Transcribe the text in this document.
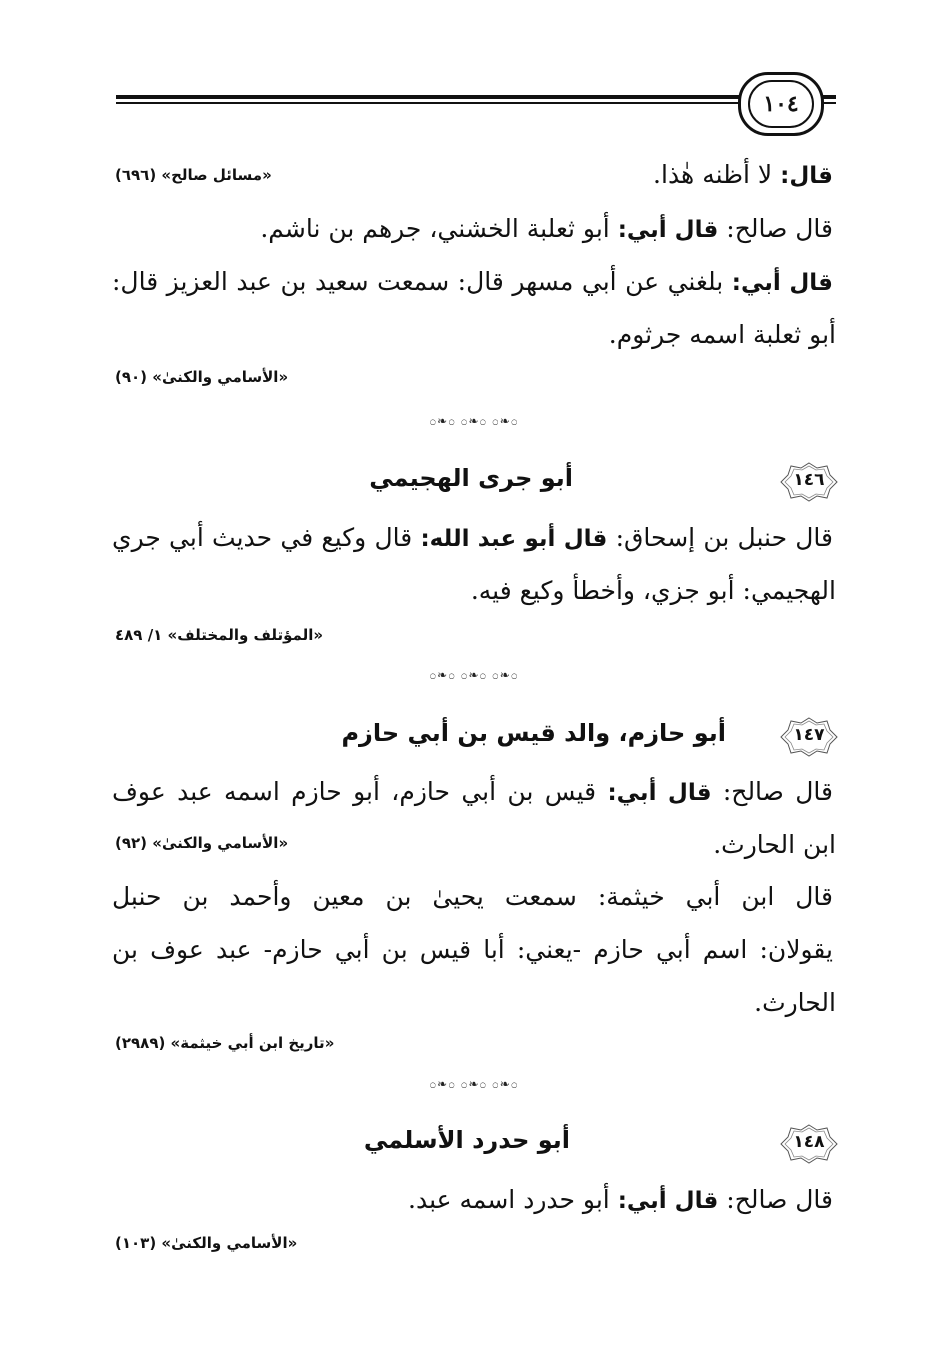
١٠٤
قال: لا أظنه هٰذا.
«مسائل صالح» (٦٩٦)
قال صالح: قال أبي: أبو ثعلبة الخشني، جرهم بن ناشم.
قال أبي: بلغني عن أبي مسهر قال: سمعت سعيد بن عبد العزيز قال:
أبو ثعلبة اسمه جرثوم.
«الأسامي والكنىٰ» (٩٠)
೦❧೦ ೦❧೦ ೦❧೦
١٤٦
أبو جرى الهجيمي
قال حنبل بن إسحاق: قال أبو عبد الله: قال وكيع في حديث أبي جري
الهجيمي: أبو جزي، وأخطأ وكيع فيه.
«المؤتلف والمختلف» ١/ ٤٨٩
೦❧೦ ೦❧೦ ೦❧೦
١٤٧
أبو حازم، والد قيس بن أبي حازم
قال صالح: قال أبي: قيس بن أبي حازم، أبو حازم اسمه عبد عوف
ابن الحارث.
«الأسامي والكنىٰ» (٩٢)
قال ابن أبي خيثمة: سمعت يحيىٰ بن معين وأحمد بن حنبل
يقولان: اسم أبي حازم -يعني: أبا قيس بن أبي حازم- عبد عوف بن
الحارث.
«تاريخ ابن أبي خيثمة» (٢٩٨٩)
೦❧೦ ೦❧೦ ೦❧೦
١٤٨
أبو حدرد الأسلمي
قال صالح: قال أبي: أبو حدرد اسمه عبد.
«الأسامي والكنىٰ» (١٠٣)
